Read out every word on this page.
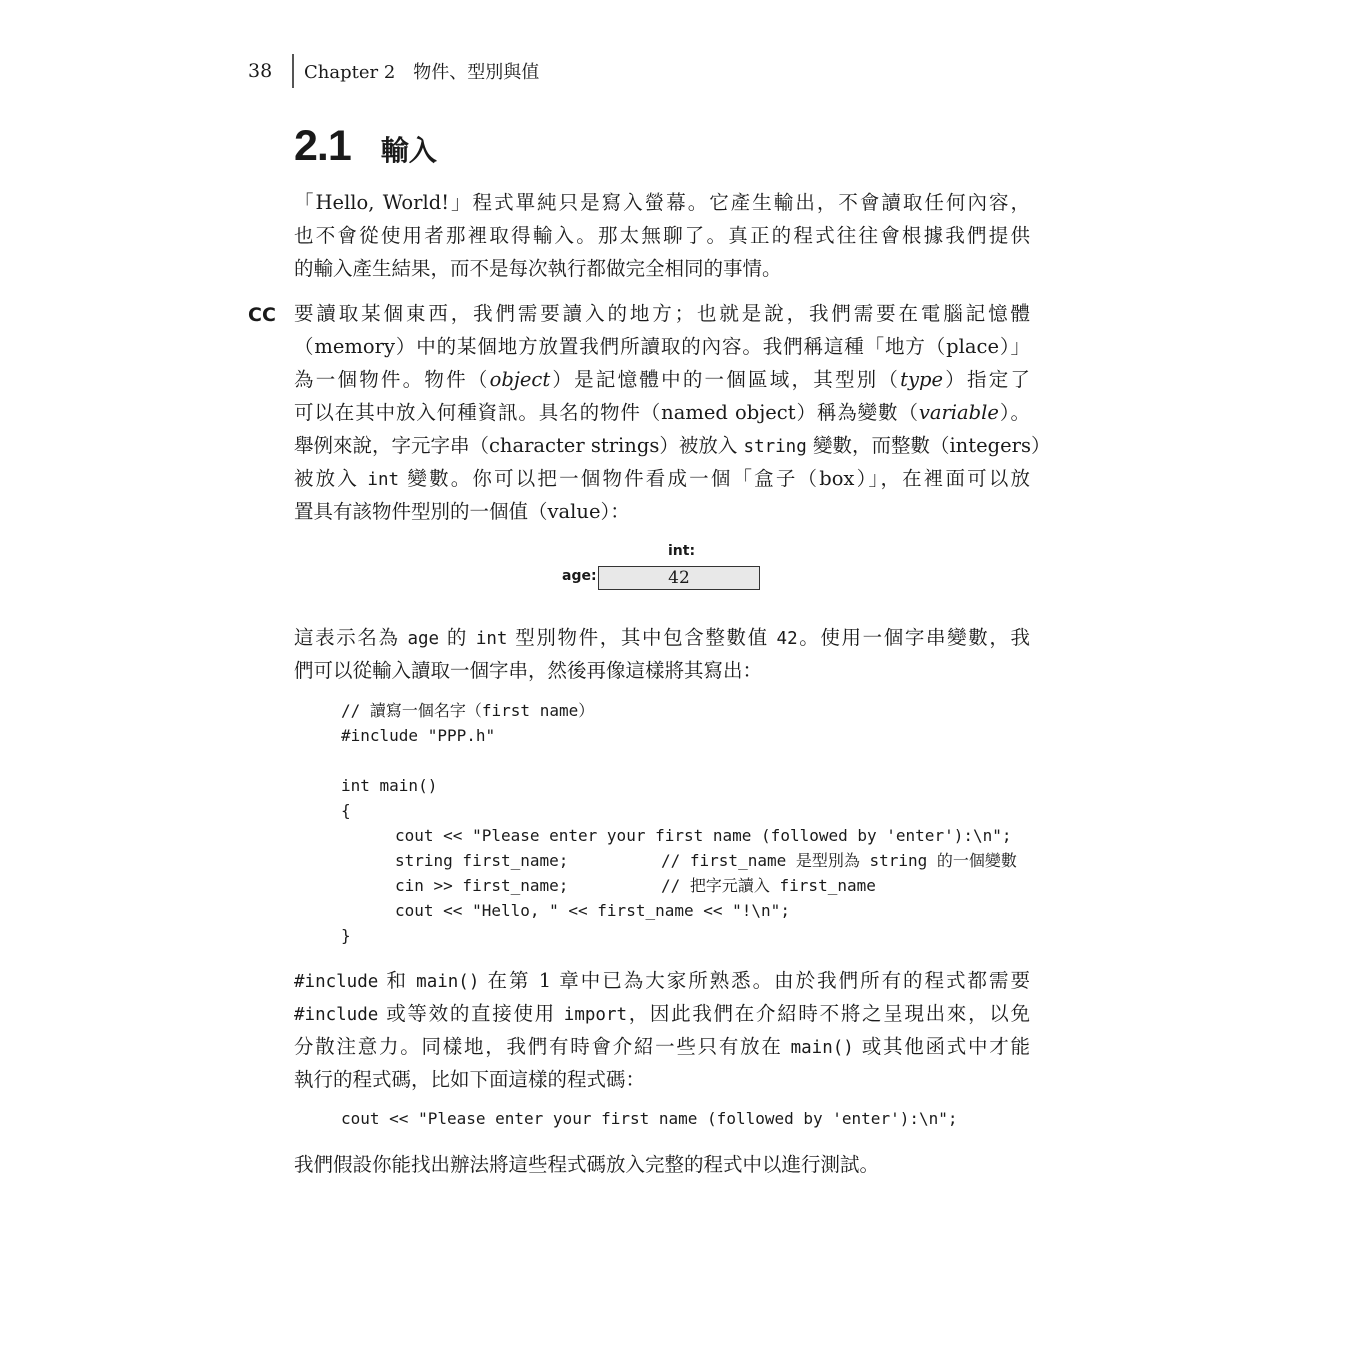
38	Chapter 2 物件、型別與值
2.1 輸入
「Hello, World!」程式單純只是寫入螢幕。它產生輸出，不會讀取任何內容，
也不會從使用者那裡取得輸入。那太無聊了。真正的程式往往會根據我們提供
的輸入產生結果，而不是每次執行都做完全相同的事情。
CC 要讀取某個東西，我們需要讀入的地方；也就是說，我們需要在電腦記憶體
（memory）中的某個地方放置我們所讀取的內容。我們稱這種「地方（place）」
為一個物件。物件（object）是記憶體中的一個區域，其型別（type）指定了
可以在其中放入何種資訊。具名的物件（named object）稱為變數（variable）。
舉例來說，字元字串（character strings）被放入 string 變數，而整數（integers）
被放入 int 變數。你可以把一個物件看成一個「盒子（box）」，在裡面可以放
置具有該物件型別的一個值（value）：
int:
age:	42
這表示名為 age 的 int 型別物件，其中包含整數值 42。使用一個字串變數，我
們可以從輸入讀取一個字串，然後再像這樣將其寫出：
// 讀寫一個名字（first name）
#include "PPP.h"
int main()
{
cout << "Please enter your first name (followed by 'enter'):\n";
string first_name;	// first_name 是型別為 string 的一個變數
cin >> first_name;	// 把字元讀入 first_name
cout << "Hello, " << first_name << "!\n";
}
#include 和 main() 在第 1 章中已為大家所熟悉。由於我們所有的程式都需要
#include 或等效的直接使用 import，因此我們在介紹時不將之呈現出來，以免
分散注意力。同樣地，我們有時會介紹一些只有放在 main() 或其他函式中才能
執行的程式碼，比如下面這樣的程式碼：
cout << "Please enter your first name (followed by 'enter'):\n";
我們假設你能找出辦法將這些程式碼放入完整的程式中以進行測試。
